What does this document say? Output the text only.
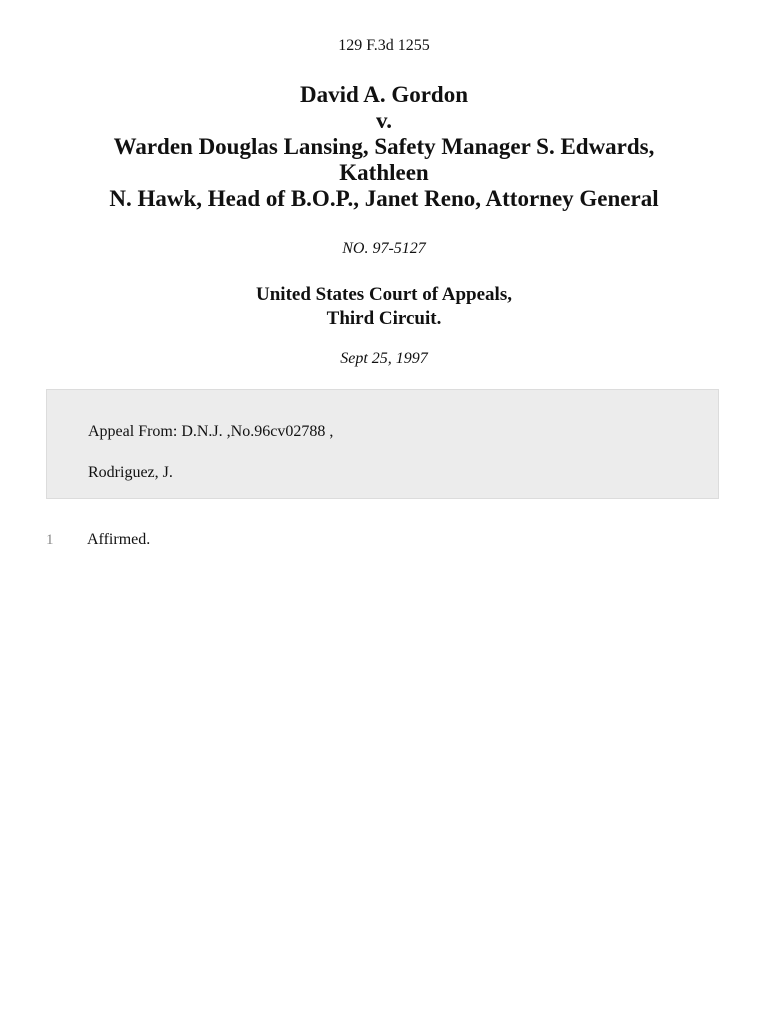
129 F.3d 1255
David A. Gordon
v.
Warden Douglas Lansing, Safety Manager S. Edwards,
Kathleen
N. Hawk, Head of B.O.P., Janet Reno, Attorney General
NO. 97-5127
United States Court of Appeals,
Third Circuit.
Sept 25, 1997
Appeal From: D.N.J. ,No.96cv02788 ,
Rodriguez, J.
1 Affirmed.
